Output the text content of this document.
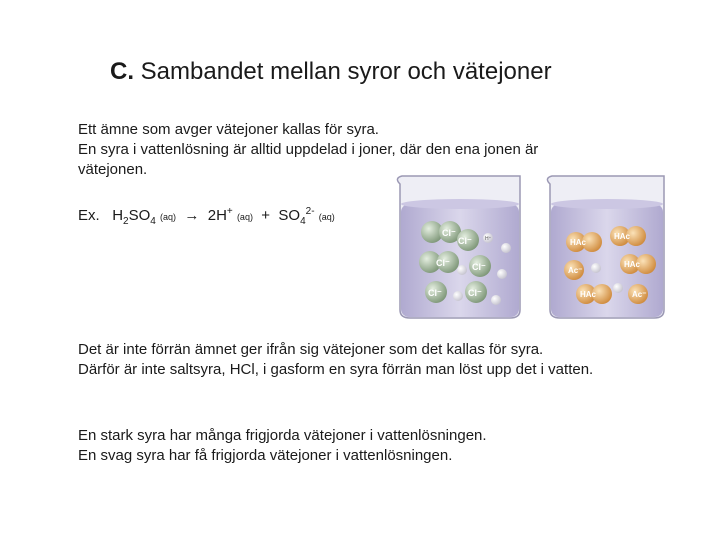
C. Sambandet mellan syror och vätejoner
Ett ämne som avger vätejoner kallas för syra.
En syra i vattenlösning är alltid uppdelad i joner, där den ena jonen är vätejonen.
Ex. $H_2SO_4$ (aq) → 2H+ $(aq) + SO_4^{2-}$ (aq)
Cl⁻
Cl⁻
Cl⁻ Cl⁻
Cl⁻	Cl⁻
H⁺	HAc
HAc
HAc
HAc
Ac⁻
Ac⁻
Det är inte förrän ämnet ger ifrån sig vätejoner som det kallas för syra.
Därför är inte saltsyra, HCl, i gasform en syra förrän man löst upp det i vatten.
En stark syra har många frigjorda vätejoner i vattenlösningen.
En svag syra har få frigjorda vätejoner i vattenlösningen.
